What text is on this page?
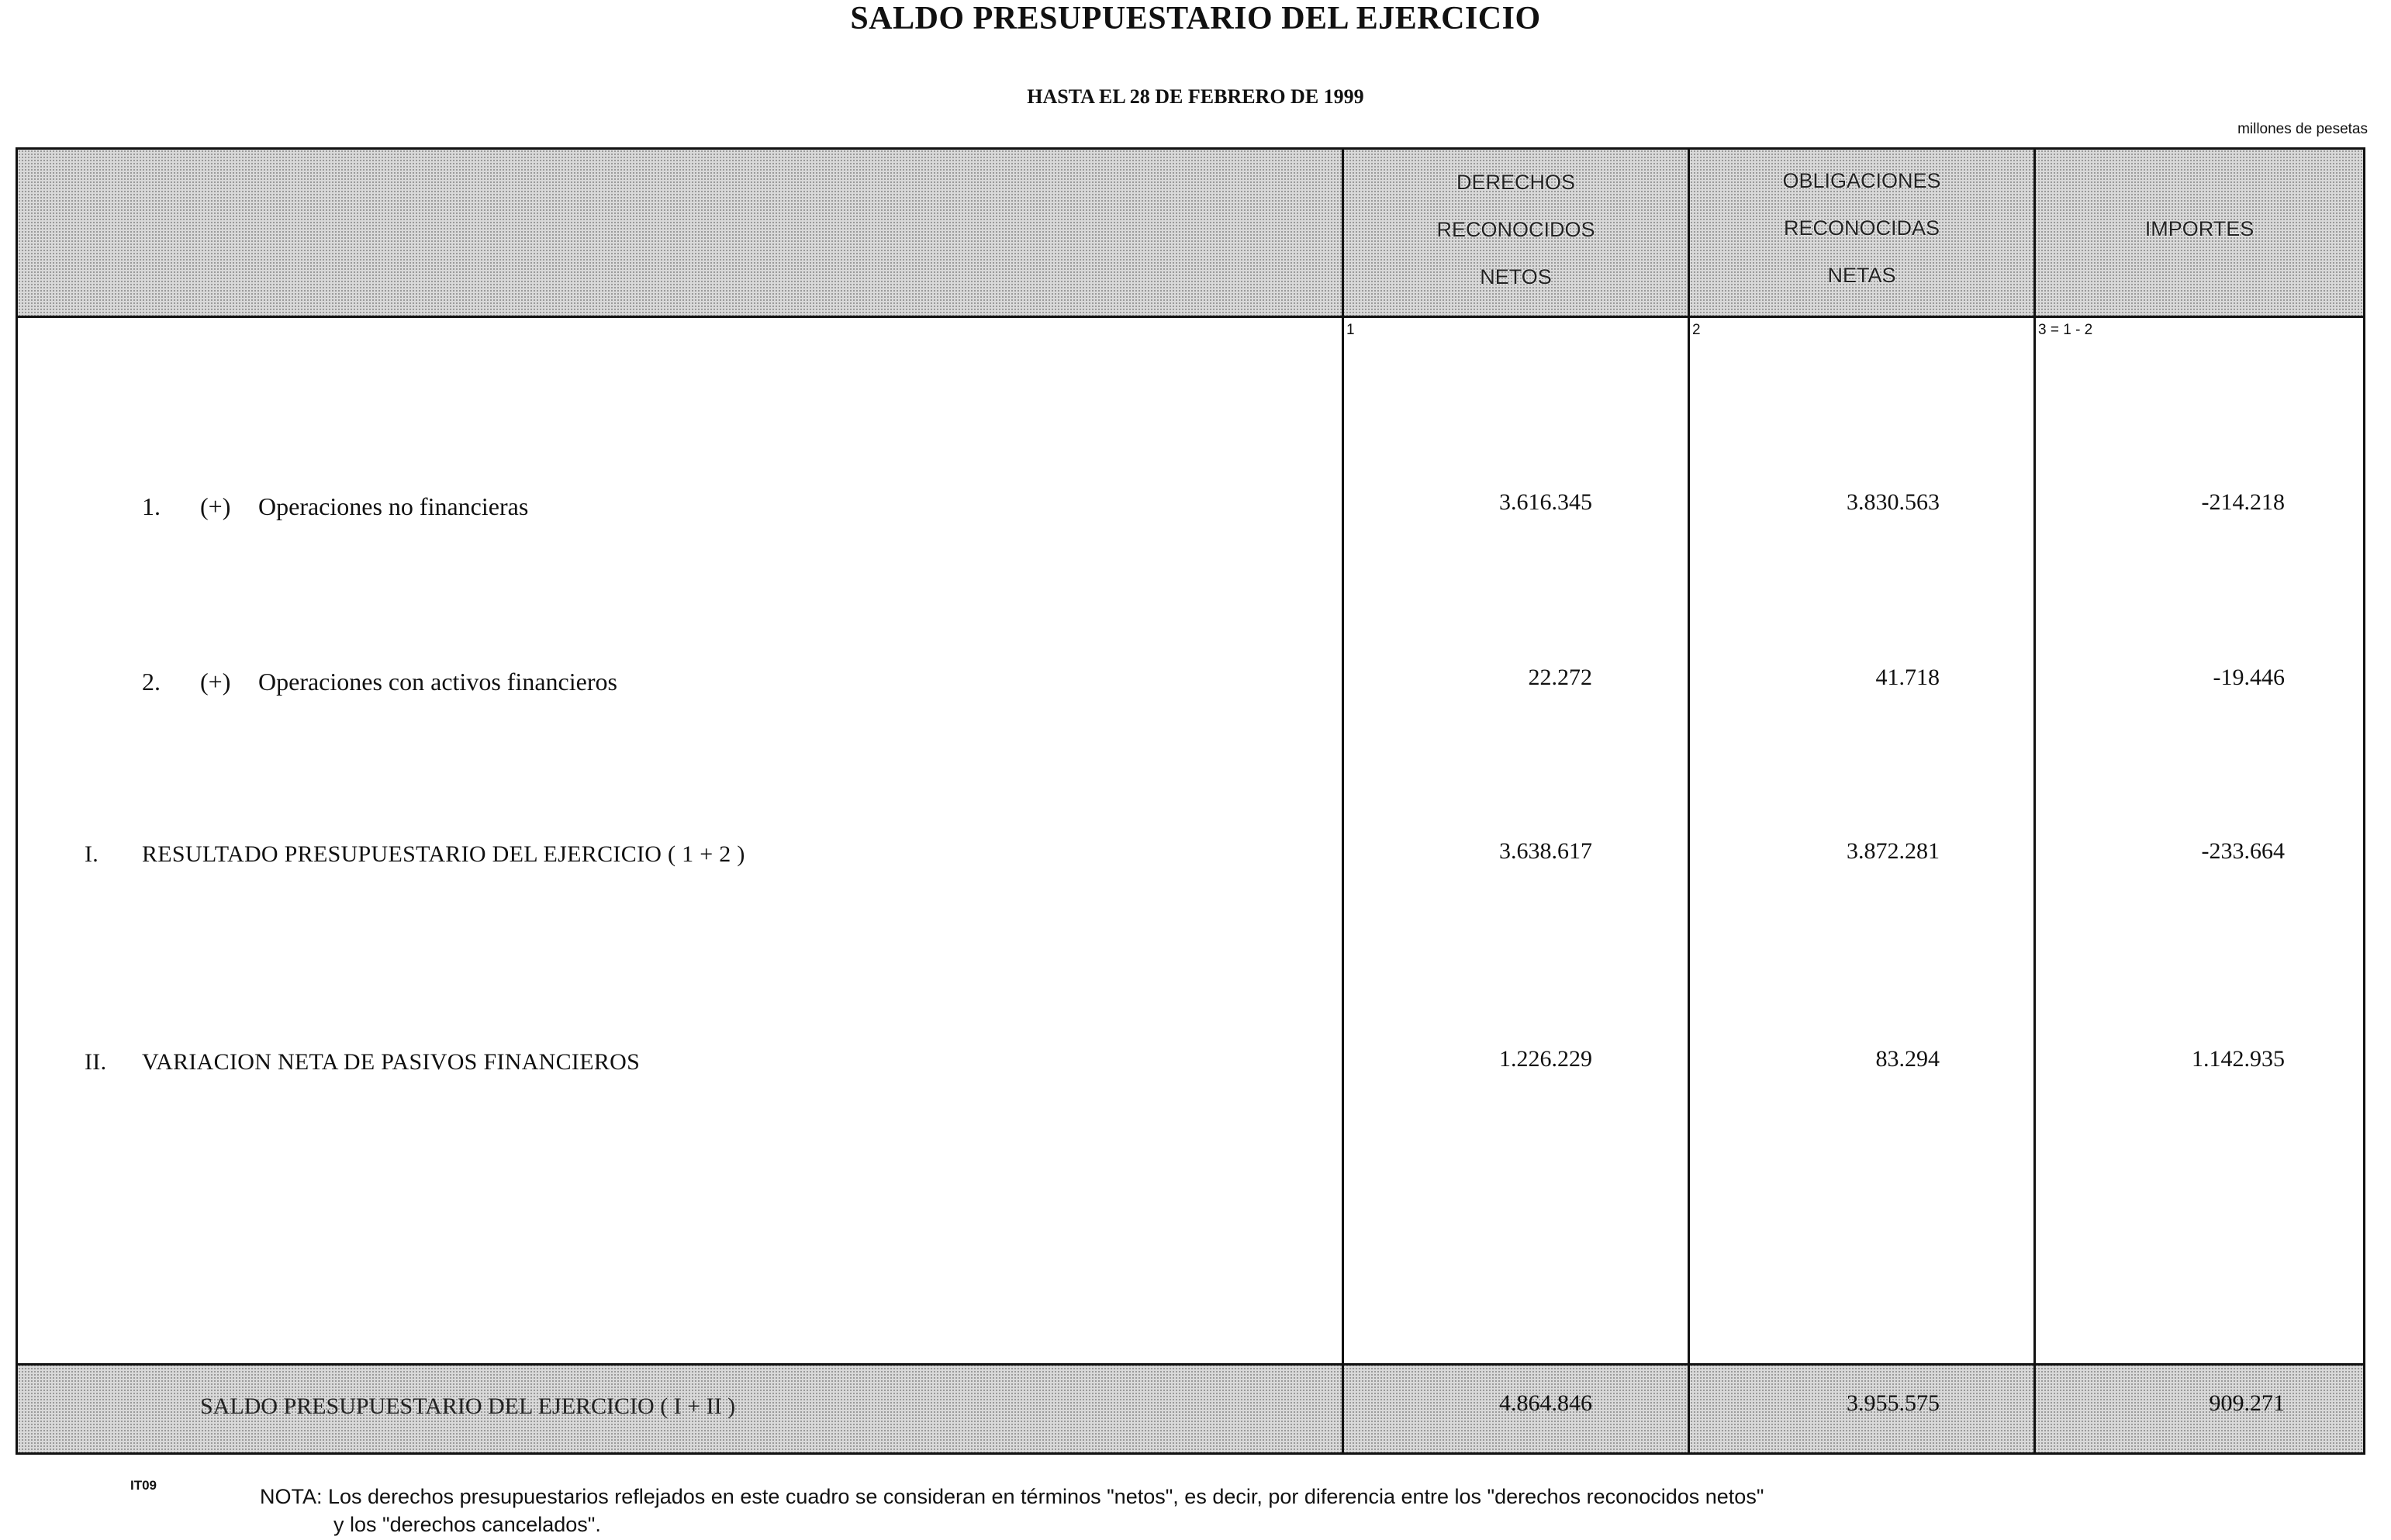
SALDO PRESUPUESTARIO DEL EJERCICIO
HASTA EL 28 DE FEBRERO DE 1999
millones de pesetas
DERECHOS
RECONOCIDOS
NETOS
OBLIGACIONES
RECONOCIDAS
NETAS
IMPORTES
1	2	3 = 1 - 2
1. (+) Operaciones no financieras	3.616.345	3.830.563	-214.218
2. (+) Operaciones con activos financieros	22.272	41.718	-19.446
I. RESULTADO PRESUPUESTARIO DEL EJERCICIO ( 1 + 2 )	3.638.617	3.872.281	-233.664
II. VARIACION NETA DE PASIVOS FINANCIEROS	1.226.229	83.294	1.142.935
SALDO PRESUPUESTARIO DEL EJERCICIO ( I + II )	4.864.846	3.955.575	909.271
IT09	NOTA: Los derechos presupuestarios reflejados en este cuadro se consideran en términos "netos", es decir, por diferencia entre los "derechos reconocidos netos"
y los "derechos cancelados".
